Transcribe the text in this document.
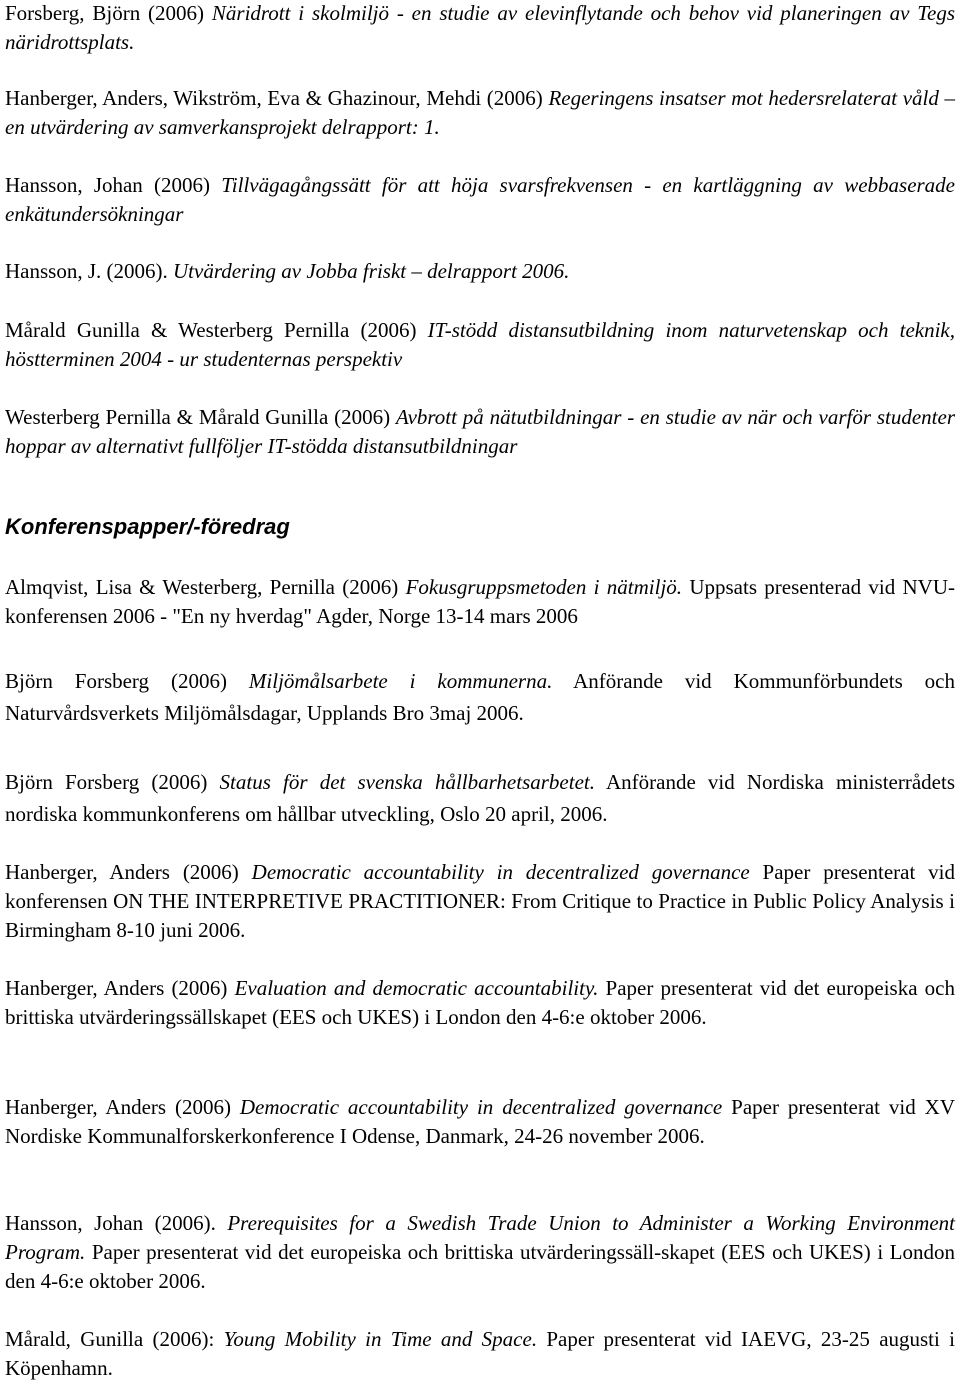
Forsberg, Björn (2006) Näridrott i skolmiljö - en studie av elevinflytande och behov vid planeringen av Tegs näridrottsplats.

Hanberger, Anders, Wikström, Eva & Ghazinour, Mehdi (2006) Regeringens insatser mot hedersrelaterat våld – en utvärdering av samverkansprojekt delrapport: 1.

Hansson, Johan (2006) Tillvägagångssätt för att höja svarsfrekvensen - en kartläggning av webbaserade enkätundersökningar

Hansson, J. (2006). Utvärdering av Jobba friskt – delrapport 2006.

Mårald Gunilla & Westerberg Pernilla (2006) IT-stödd distansutbildning inom naturvetenskap och teknik, höstterminen 2004 - ur studenternas perspektiv

Westerberg Pernilla & Mårald Gunilla (2006) Avbrott på nätutbildningar - en studie av när och varför studenter hoppar av alternativt fullföljer IT-stödda distansutbildningar

Konferenspapper/-föredrag

Almqvist, Lisa & Westerberg, Pernilla (2006) Fokusgruppsmetoden i nätmiljö. Uppsats presenterad vid NVU-konferensen 2006 - "En ny hverdag" Agder, Norge 13-14 mars 2006

Björn Forsberg (2006) Miljömålsarbete i kommunerna. Anförande vid Kommunförbundets och Naturvårdsverkets Miljömålsdagar, Upplands Bro 3maj 2006.

Björn Forsberg (2006) Status för det svenska hållbarhetsarbetet. Anförande vid Nordiska ministerrådets nordiska kommunkonferens om hållbar utveckling, Oslo 20 april, 2006.

Hanberger, Anders (2006) Democratic accountability in decentralized governance Paper presenterat vid konferensen ON THE INTERPRETIVE PRACTITIONER: From Critique to Practice in Public Policy Analysis i Birmingham 8-10 juni 2006.

Hanberger, Anders (2006) Evaluation and democratic accountability. Paper presenterat vid det europeiska och brittiska utvärderingssällskapet (EES och UKES) i London den 4-6:e oktober 2006.

Hanberger, Anders (2006) Democratic accountability in decentralized governance Paper presenterat vid XV Nordiske Kommunalforskerkonference I Odense, Danmark, 24-26 november 2006.

Hansson, Johan (2006). Prerequisites for a Swedish Trade Union to Administer a Working Environment Program. Paper presenterat vid det europeiska och brittiska utvärderingssäll-skapet (EES och UKES) i London den 4-6:e oktober 2006.

Mårald, Gunilla (2006): Young Mobility in Time and Space. Paper presenterat vid IAEVG, 23-25 augusti i Köpenhamn.
